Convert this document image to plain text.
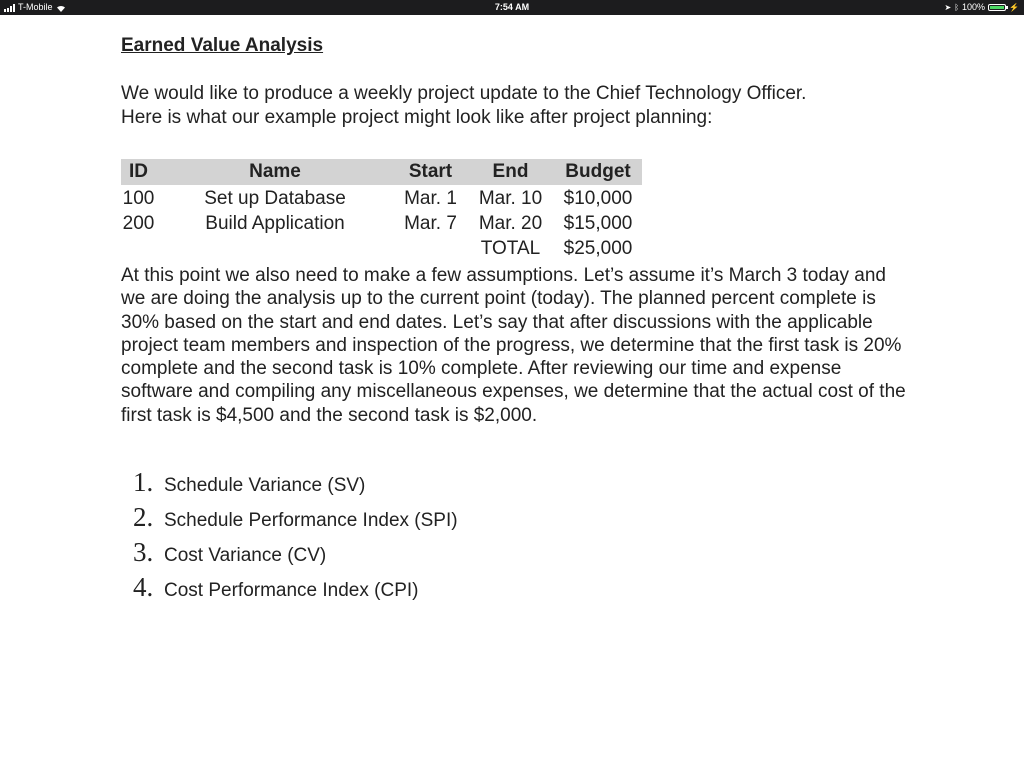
T-Mobile	7:54 AM	➤ ᛒ 100%	⚡
Earned Value Analysis

We would like to produce a weekly project update to the Chief Technology Officer.

Here is what our example project might look like after project planning:

ID	Name	Start	End	Budget
100	Set up Database	Mar. 1	Mar. 10	$10,000
200	Build Application	Mar. 7	Mar. 20	$15,000
			TOTAL	$25,000

At this point we also need to make a few assumptions. Let’s assume it’s March 3 today and we are doing the analysis up to the current point (today). The planned percent complete is 30% based on the start and end dates. Let’s say that after discussions with the applicable project team members and inspection of the progress, we determine that the first task is 20% complete and the second task is 10% complete. After reviewing our time and expense software and compiling any miscellaneous expenses, we determine that the actual cost of the first task is $4,500 and the second task is $2,000.

1. Schedule Variance (SV)
2. Schedule Performance Index (SPI)
3. Cost Variance (CV)
4. Cost Performance Index (CPI)
